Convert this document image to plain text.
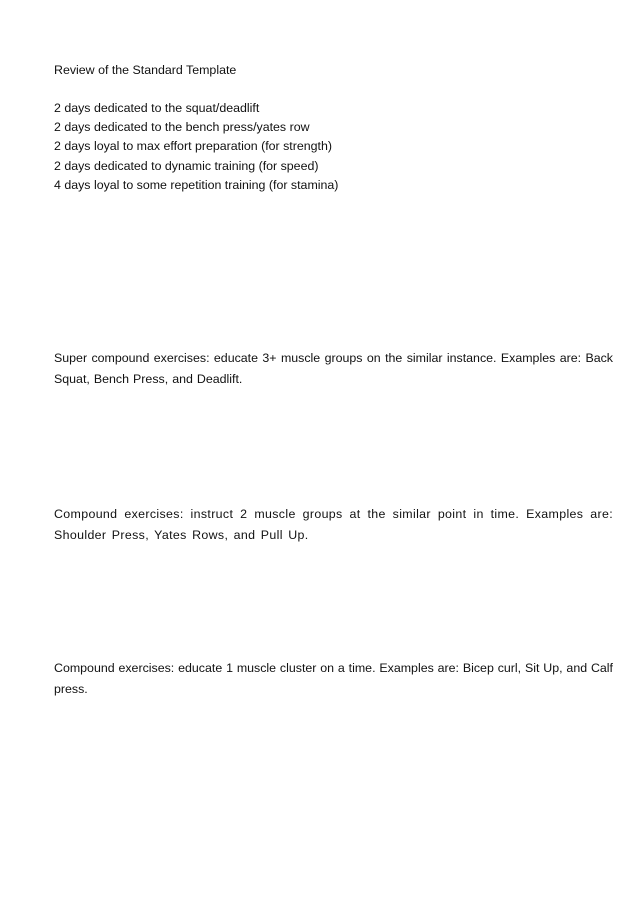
Review of the Standard Template
2 days dedicated to the squat/deadlift
2 days dedicated to the bench press/yates row
2 days loyal to max effort preparation (for strength)
2 days dedicated to dynamic training (for speed)
4 days loyal to some repetition training (for stamina)
Super compound exercises: educate 3+ muscle groups on the similar instance. Examples are: Back Squat, Bench Press, and Deadlift.
Compound exercises: instruct 2 muscle groups at the similar point in time. Examples are: Shoulder Press, Yates Rows, and Pull Up.
Compound exercises: educate 1 muscle cluster on a time. Examples are: Bicep curl, Sit Up, and Calf press.
